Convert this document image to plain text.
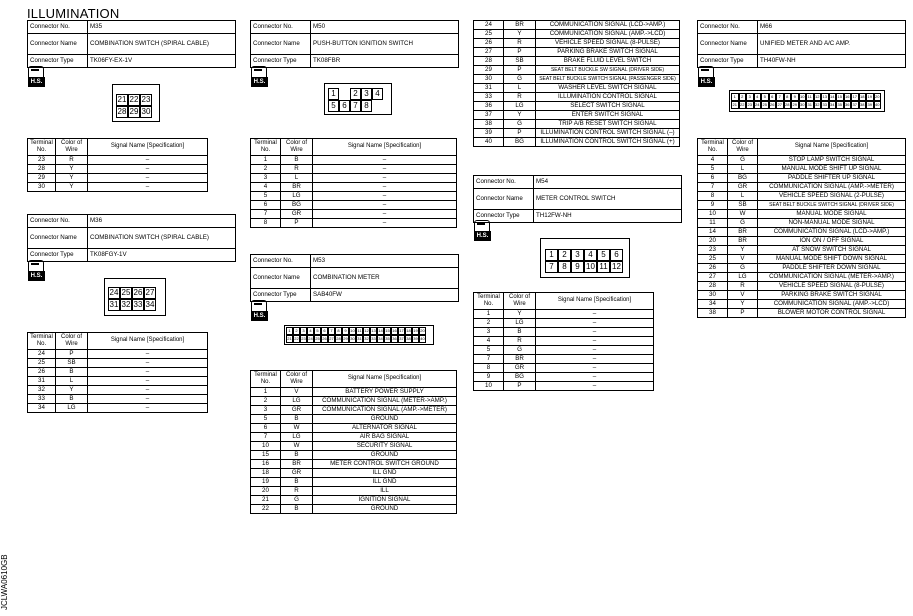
ILLUMINATION
JCLWA0610GB
Connector No.	M35
Connector Name	COMBINATION SWITCH (SPIRAL CABLE)
Connector Type	TK06FY-EX-1V
H.S.
21 22 23
28 29 30
Terminal No.	Color of Wire	Signal Name [Specification]
23	R	–
28	Y	–
29	Y	–
30	Y	–
Connector No.	M36
Connector Name	COMBINATION SWITCH (SPIRAL CABLE)
Connector Type	TK08FGY-1V
H.S.
24 25 26 27
31 32 33 34
Terminal No.	Color of Wire	Signal Name [Specification]
24	P	–
25	SB	–
26	B	–
31	L	–
32	Y	–
33	B	–
34	LG	–
Connector No.	M50
Connector Name	PUSH-BUTTON IGNITION SWITCH
Connector Type	TK08FBR
H.S.
1	2 3 4
5 6 7 8
Terminal No.	Color of Wire	Signal Name [Specification]
1	B	–
2	R	–
3	L	–
4	BR	–
5	LG	–
6	BG	–
7	GR	–
8	P	–
Connector No.	M53
Connector Name	COMBINATION METER
Connector Type	SAB40FW
H.S.
1	2	3	4	5	6	7	8	9 10 11 12 13 14 15 16 17 18 19 20
21 22 23 24 25 26 27 28 29 30 31 32 33 34 35 36 37 38 39 40
Terminal No.	Color of Wire	Signal Name [Specification]
1	V	BATTERY POWER SUPPLY
2	LG	COMMUNICATION SIGNAL (METER->AMP.)
3	GR	COMMUNICATION SIGNAL (AMP.->METER)
5	B	GROUND
6	W	ALTERNATOR SIGNAL
7	LG	AIR BAG SIGNAL
10	W	SECURITY SIGNAL
15	B	GROUND
16	BR	METER CONTROL SWITCH GROUND
18	GR	ILL GND
19	B	ILL GND
20	R	ILL
21	G	IGNITION SIGNAL
22	B	GROUND
24	BR	COMMUNICATION SIGNAL (LCD->AMP.)
25	Y	COMMUNICATION SIGNAL (AMP.->LCD)
26	R	VEHICLE SPEED SIGNAL (8-PULSE)
27	P	PARKING BRAKE SWITCH SIGNAL
28	SB	BRAKE FLUID LEVEL SWITCH
29	P	SEAT BELT BUCKLE SW SIGNAL (DRIVER SIDE)
30	G	SEAT BELT BUCKLE SWITCH SIGNAL (PASSENGER SIDE)
31	L	WASHER LEVEL SWITCH SIGNAL
33	R	ILLUMINATION CONTROL SIGNAL
36	LG	SELECT SWITCH SIGNAL
37	Y	ENTER SWITCH SIGNAL
38	G	TRIP A/B RESET SWITCH SIGNAL
39	P	ILLUMINATION CONTROL SWITCH SIGNAL (–)
40	BG	ILLUMINATION CONTROL SWITCH SIGNAL (+)
Connector No.	M54
Connector Name	METER CONTROL SWITCH
Connector Type	TH12FW-NH
H.S.
1	2	3	4	5	6
7	8	9 10 11 12
Terminal No.	Color of Wire	Signal Name [Specification]
1	Y	–
2	LG	–
3	B	–
4	R	–
5	G	–
7	BR	–
8	GR	–
9	BG	–
10	P	–
Connector No.	M66
Connector Name	UNIFIED METER AND A/C AMP.
Connector Type	TH40FW-NH
H.S.
1	2	3	4	5	6	7	8	9	10 11 12 13 14 15 16 17 18 19 20
21 22 23 24 25 26 27 28 29 30 31 32 33 34 35 36 37 38 39 40
Terminal No.	Color of Wire	Signal Name [Specification]
4	G	STOP LAMP SWITCH SIGNAL
5	L	MANUAL MODE SHIFT UP SIGNAL
6	BG	PADDLE SHIFTER UP SIGNAL
7	GR	COMMUNICATION SIGNAL (AMP.->METER)
8	L	VEHICLE SPEED SIGNAL (2-PULSE)
9	SB	SEAT BELT BUCKLE SWITCH SIGNAL (DRIVER SIDE)
10	W	MANUAL MODE SIGNAL
11	G	NON-MANUAL MODE SIGNAL
14	BR	COMMUNICATION SIGNAL (LCD->AMP.)
20	BR	ION ON / OFF SIGNAL
23	Y	AT SNOW SWITCH SIGNAL
25	V	MANUAL MODE SHIFT DOWN SIGNAL
26	G	PADDLE SHIFTER DOWN SIGNAL
27	LG	COMMUNICATION SIGNAL (METER->AMP.)
28	R	VEHICLE SPEED SIGNAL (8-PULSE)
30	V	PARKING BRAKE SWITCH SIGNAL
34	Y	COMMUNICATION SIGNAL (AMP.->LCD)
38	P	BLOWER MOTOR CONTROL SIGNAL
